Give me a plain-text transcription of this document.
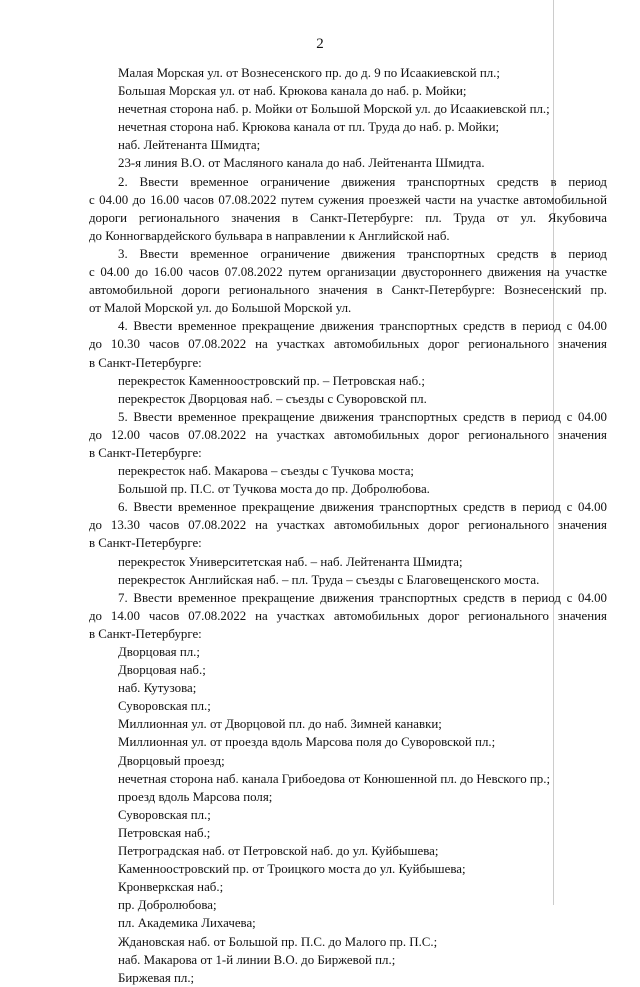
2
Малая Морская ул. от Вознесенского пр. до д. 9 по Исаакиевской пл.;
Большая Морская ул. от наб. Крюкова канала до наб. р. Мойки;
нечетная сторона наб. р. Мойки от Большой Морской ул. до Исаакиевской пл.;
нечетная сторона наб. Крюкова канала от пл. Труда до наб. р. Мойки;
наб. Лейтенанта Шмидта;
23-я линия В.О. от Масляного канала до наб. Лейтенанта Шмидта.
2. Ввести временное ограничение движения транспортных средств в период
с 04.00 до 16.00 часов 07.08.2022 путем сужения проезжей части на участке автомобильной
дороги регионального значения в Санкт-Петербурге: пл. Труда от ул. Якубовича
до Конногвардейского бульвара в направлении к Английской наб.
3. Ввести временное ограничение движения транспортных средств в период
с 04.00 до 16.00 часов 07.08.2022 путем организации двустороннего движения на участке
автомобильной дороги регионального значения в Санкт-Петербурге: Вознесенский пр.
от Малой Морской ул. до Большой Морской ул.
4. Ввести временное прекращение движения транспортных средств в период с 04.00
до 10.30 часов 07.08.2022 на участках автомобильных дорог регионального значения
в Санкт-Петербурге:
перекресток Каменноостровский пр. – Петровская наб.;
перекресток Дворцовая наб. – съезды с Суворовской пл.
5. Ввести временное прекращение движения транспортных средств в период с 04.00
до 12.00 часов 07.08.2022 на участках автомобильных дорог регионального значения
в Санкт-Петербурге:
перекресток наб. Макарова – съезды с Тучкова моста;
Большой пр. П.С. от Тучкова моста до пр. Добролюбова.
6. Ввести временное прекращение движения транспортных средств в период с 04.00
до 13.30 часов 07.08.2022 на участках автомобильных дорог регионального значения
в Санкт-Петербурге:
перекресток Университетская наб. – наб. Лейтенанта Шмидта;
перекресток Английская наб. – пл. Труда – съезды с Благовещенского моста.
7. Ввести временное прекращение движения транспортных средств в период с 04.00
до 14.00 часов 07.08.2022 на участках автомобильных дорог регионального значения
в Санкт-Петербурге:
Дворцовая пл.;
Дворцовая наб.;
наб. Кутузова;
Суворовская пл.;
Миллионная ул. от Дворцовой пл. до наб. Зимней канавки;
Миллионная ул. от проезда вдоль Марсова поля до Суворовской пл.;
Дворцовый проезд;
нечетная сторона наб. канала Грибоедова от Конюшенной пл. до Невского пр.;
проезд вдоль Марсова поля;
Суворовская пл.;
Петровская наб.;
Петроградская наб. от Петровской наб. до ул. Куйбышева;
Каменноостровский пр. от Троицкого моста до ул. Куйбышева;
Кронверкская наб.;
пр. Добролюбова;
пл. Академика Лихачева;
Ждановская наб. от Большой пр. П.С. до Малого пр. П.С.;
наб. Макарова от 1-й линии В.О. до Биржевой пл.;
Биржевая пл.;
